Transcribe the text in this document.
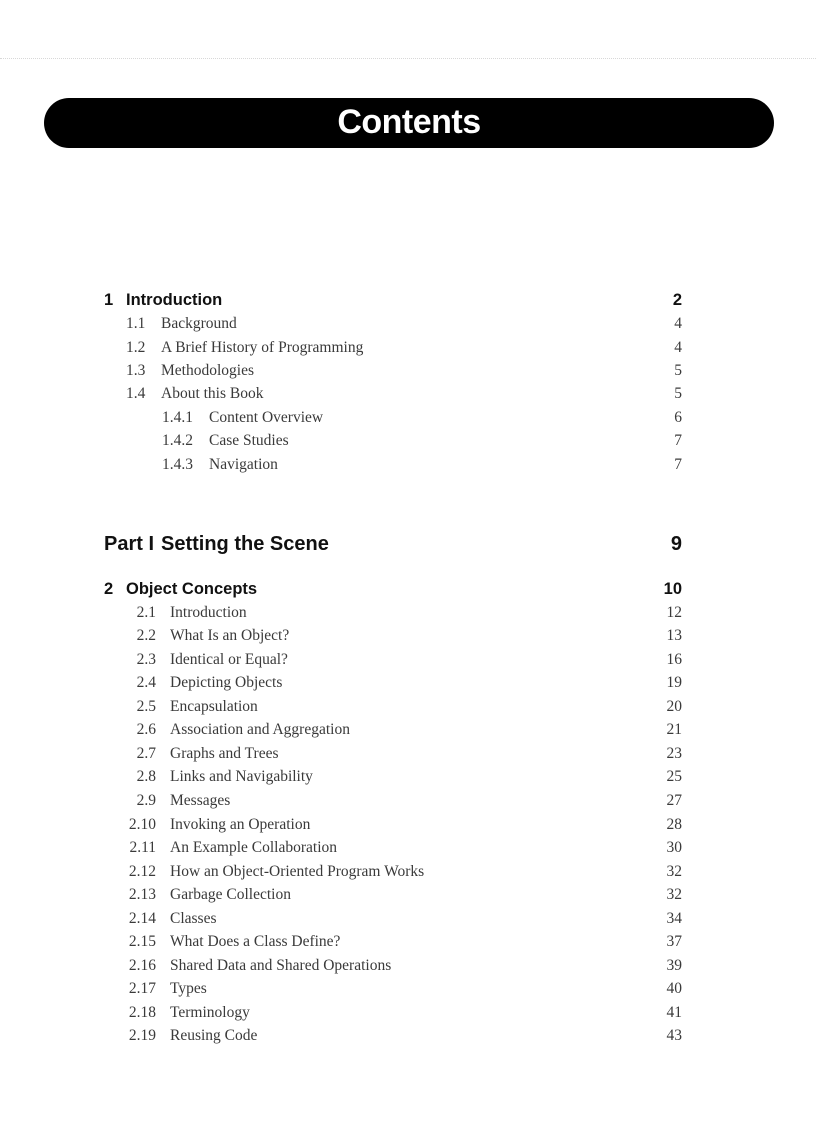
Contents
1 Introduction	2
1.1 Background	4
1.2 A Brief History of Programming	4
1.3 Methodologies	5
1.4 About this Book	5
1.4.1 Content Overview	6
1.4.2 Case Studies	7
1.4.3 Navigation	7
Part I Setting the Scene	9
2 Object Concepts	10
2.1 Introduction	12
2.2 What Is an Object?	13
2.3 Identical or Equal?	16
2.4 Depicting Objects	19
2.5 Encapsulation	20
2.6 Association and Aggregation	21
2.7 Graphs and Trees	23
2.8 Links and Navigability	25
2.9 Messages	27
2.10 Invoking an Operation	28
2.11 An Example Collaboration	30
2.12 How an Object-Oriented Program Works	32
2.13 Garbage Collection	32
2.14 Classes	34
2.15 What Does a Class Define?	37
2.16 Shared Data and Shared Operations	39
2.17 Types	40
2.18 Terminology	41
2.19 Reusing Code	43
